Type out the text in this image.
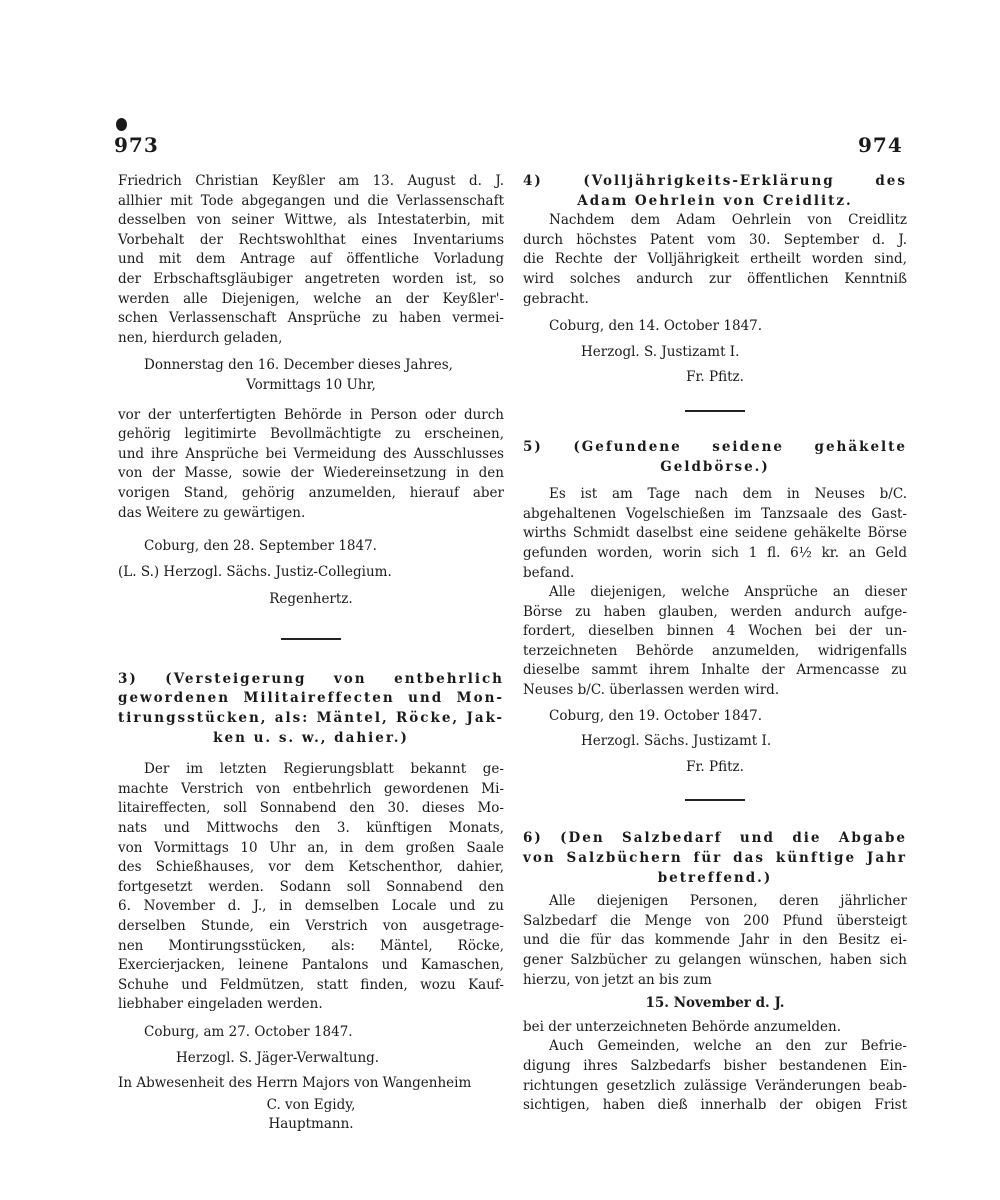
973	974

Friedrich Christian Keyßler am 13. August d. J.

allhier mit Tode abgegangen und die Verlassenschaft

desselben von seiner Wittwe, als Intestaterbin, mit

Vorbehalt der Rechtswohlthat eines Inventariums

und mit dem Antrage auf öffentliche Vorladung

der Erbschaftsgläubiger angetreten worden ist, so

werden alle Diejenigen, welche an der Keyßler'-

schen Verlassenschaft Ansprüche zu haben vermei-

nen, hierdurch geladen,

Donnerstag den 16. December dieses Jahres,

Vormittags 10 Uhr,

vor der unterfertigten Behörde in Person oder durch

gehörig legitimirte Bevollmächtigte zu erscheinen,

und ihre Ansprüche bei Vermeidung des Ausschlusses

von der Masse, sowie der Wiedereinsetzung in den

vorigen Stand, gehörig anzumelden, hierauf aber

das Weitere zu gewärtigen.

Coburg, den 28. September 1847.

(L. S.) Herzogl. Sächs. Justiz-Collegium.

Regenhertz.

3) (Versteigerung von entbehrlich

gewordenen Militaireffecten und Mon-

tirungsstücken, als: Mäntel, Röcke, Jak-

ken u. s. w., dahier.)

Der im letzten Regierungsblatt bekannt ge-

machte Verstrich von entbehrlich gewordenen Mi-

litaireffecten, soll Sonnabend den 30. dieses Mo-

nats und Mittwochs den 3. künftigen Monats,

von Vormittags 10 Uhr an, in dem großen Saale

des Schießhauses, vor dem Ketschenthor, dahier,

fortgesetzt werden. Sodann soll Sonnabend den

6. November d. J., in demselben Locale und zu

derselben Stunde, ein Verstrich von ausgetrage-

nen Montirungsstücken, als: Mäntel, Röcke,

Exercierjacken, leinene Pantalons und Kamaschen,

Schuhe und Feldmützen, statt finden, wozu Kauf-

liebhaber eingeladen werden.

Coburg, am 27. October 1847.

Herzogl. S. Jäger-Verwaltung.

In Abwesenheit des Herrn Majors von Wangenheim

C. von Egidy,

Hauptmann.

4) (Volljährigkeits-Erklärung des

Adam Oehrlein von Creidlitz.

Nachdem dem Adam Oehrlein von Creidlitz

durch höchstes Patent vom 30. September d. J.

die Rechte der Volljährigkeit ertheilt worden sind,

wird solches andurch zur öffentlichen Kenntniß

gebracht.

Coburg, den 14. October 1847.

Herzogl. S. Justizamt I.

Fr. Pfitz.

5) (Gefundene seidene gehäkelte

Geldbörse.)

Es ist am Tage nach dem in Neuses b/C.

abgehaltenen Vogelschießen im Tanzsaale des Gast-

wirths Schmidt daselbst eine seidene gehäkelte Börse

gefunden worden, worin sich 1 fl. 6½ kr. an Geld

befand.

Alle diejenigen, welche Ansprüche an dieser

Börse zu haben glauben, werden andurch aufge-

fordert, dieselben binnen 4 Wochen bei der un-

terzeichneten Behörde anzumelden, widrigenfalls

dieselbe sammt ihrem Inhalte der Armencasse zu

Neuses b/C. überlassen werden wird.

Coburg, den 19. October 1847.

Herzogl. Sächs. Justizamt I.

Fr. Pfitz.

6) (Den Salzbedarf und die Abgabe

von Salzbüchern für das künftige Jahr

betreffend.)

Alle diejenigen Personen, deren jährlicher

Salzbedarf die Menge von 200 Pfund übersteigt

und die für das kommende Jahr in den Besitz ei-

gener Salzbücher zu gelangen wünschen, haben sich

hierzu, von jetzt an bis zum

15. November d. J.

bei der unterzeichneten Behörde anzumelden.

Auch Gemeinden, welche an den zur Befrie-

digung ihres Salzbedarfs bisher bestandenen Ein-

richtungen gesetzlich zulässige Veränderungen beab-

sichtigen, haben dieß innerhalb der obigen Frist
